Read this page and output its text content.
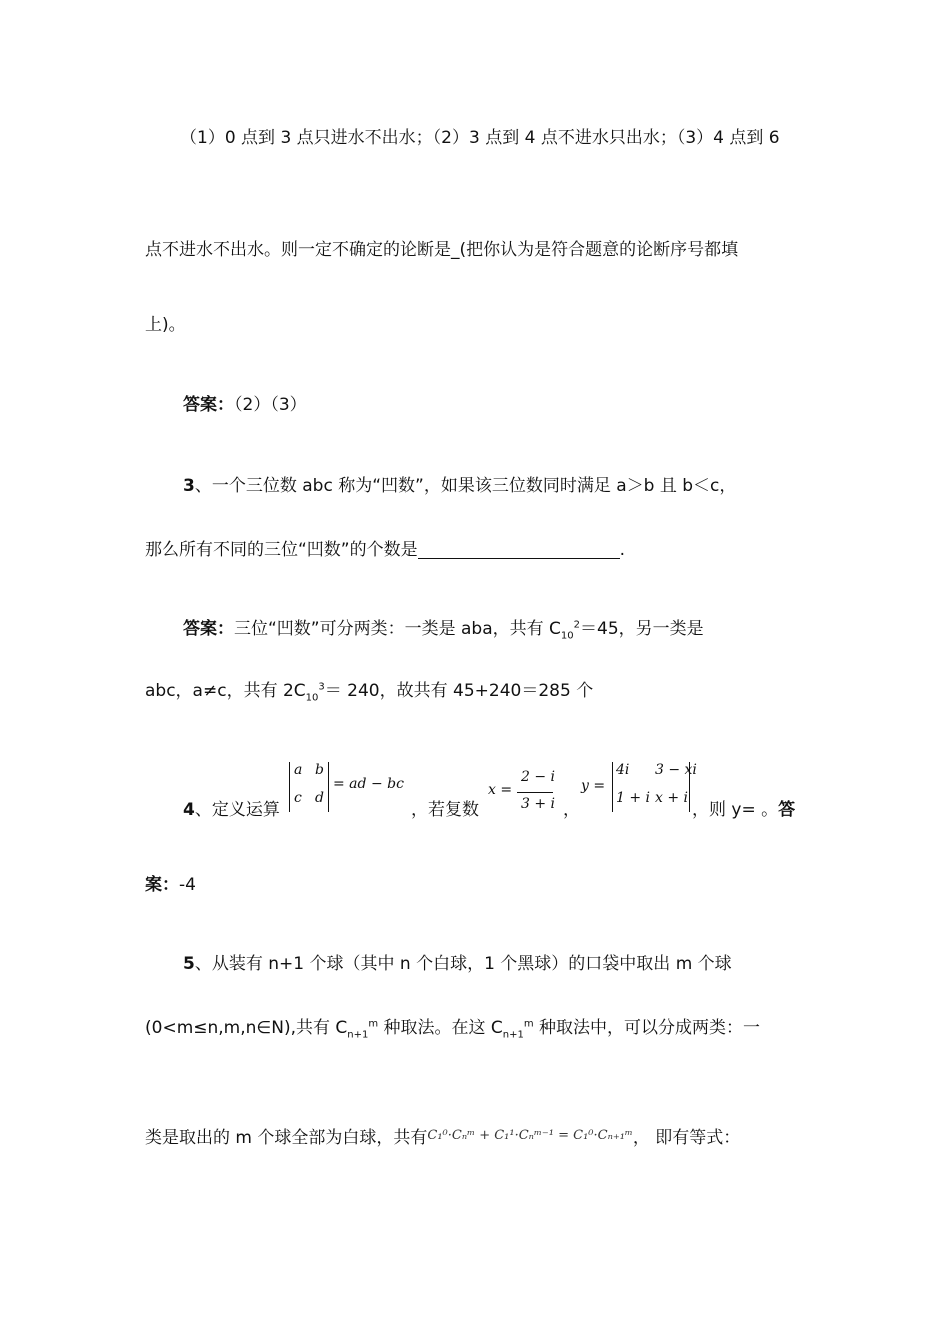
（1）0 点到 3 点只进水不出水；（2）3 点到 4 点不进水只出水；（3）4 点到 6
点不进水不出水。则一定不确定的论断是_(把你认为是符合题意的论断序号都填
上)。
答案：（2）（3）
3、一个三位数 abc 称为“凹数”，如果该三位数同时满足 a＞b 且 b＜c，
那么所有不同的三位“凹数”的个数是	.
答案：三位“凹数”可分两类：一类是 aba，共有 $C_{10}^2=45$，另一类是
abc，a≠c，共有 $2C_{10}^3= 240$，故共有 45+240＝285 个
4、定义运算
a b
c d
= ad − bc
，若复数
x =
2 − i
3 + i ，
y =
4i 3 − xi
1 + i x + i
，则 y= 。答
案：-4
5、从装有 n+1 个球（其中 n 个白球，1 个黑球）的口袋中取出 m 个球
(0<m≤n,m,n∈N),共有 $C_{n+1}^m$ 种取法。在这 $C_{n+1}^m$ 种取法中，可以分成两类：一
类是取出的 m 个球全部为白球，共有$^{C_1^0\cdot C_nᵐ + C_1^1\cdot C_nᵐ^{-1} = C_1^0\cdot C_{n+1}ᵐ}$， 即有等式：
